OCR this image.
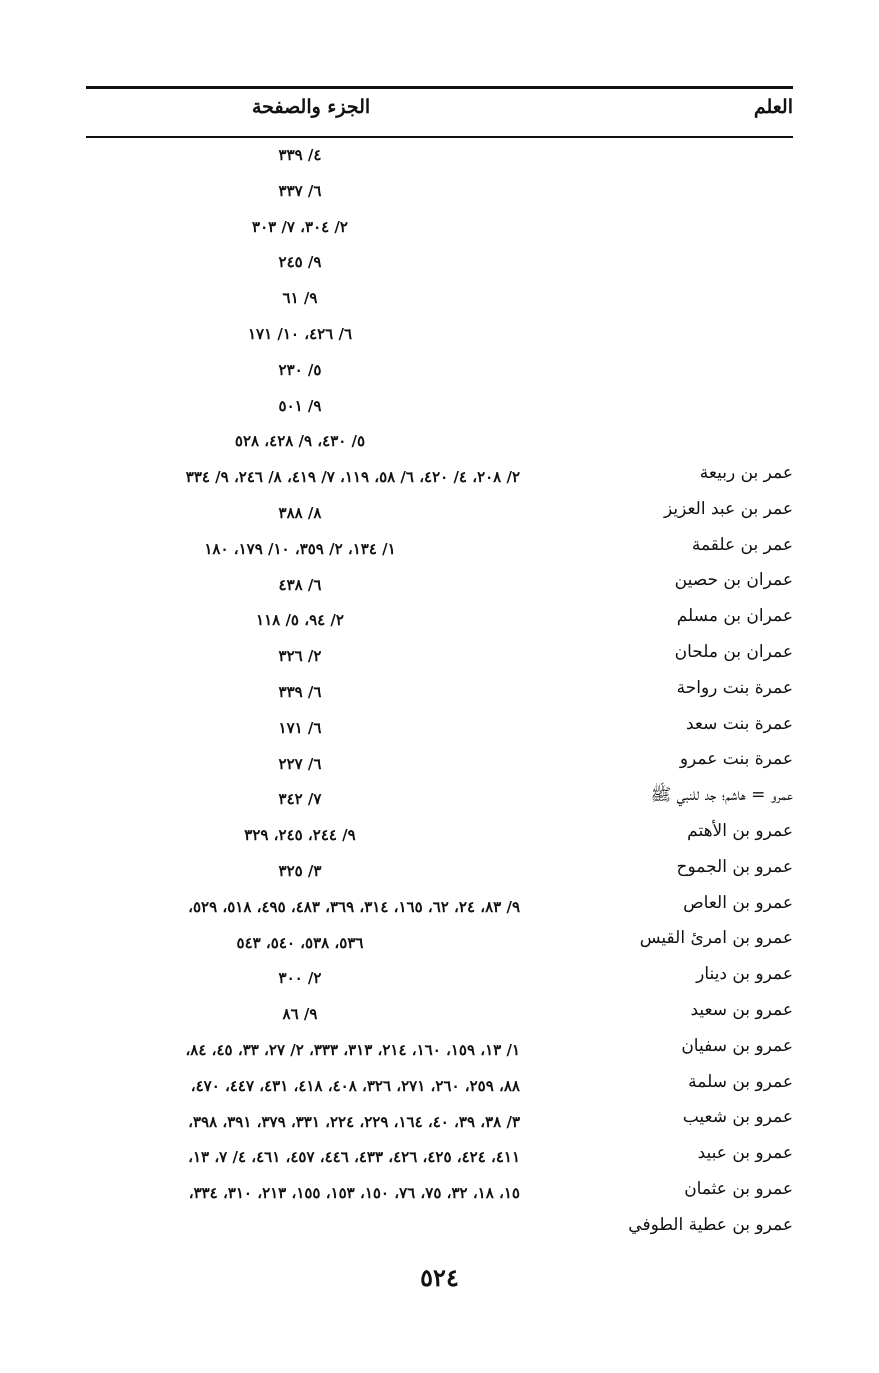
العلم
الجزء والصفحة
٤/ ٣٣٩
٦/ ٣٣٧
٢/ ٣٠٤، ٧/ ٣٠٣
٩/ ٢٤٥
٩/ ٦١
٦/ ٤٢٦، ١٠/ ١٧١
٥/ ٢٣٠
٩/ ٥٠١
٥/ ٤٣٠، ٩/ ٤٢٨، ٥٢٨
٢/ ٢٠٨، ٤/ ٤٢٠، ٦/ ٥٨، ١١٩، ٧/ ٤١٩، ٨/ ٢٤٦، ٩/ ٣٣٤
٨/ ٣٨٨
١/ ١٣٤، ٢/ ٣٥٩، ١٠/ ١٧٩، ١٨٠
٦/ ٤٣٨
٢/ ٩٤، ٥/ ١١٨
٢/ ٣٢٦
٦/ ٣٣٩
٦/ ١٧١
٦/ ٢٢٧
٧/ ٣٤٢
٩/ ٢٤٤، ٢٤٥، ٣٢٩
٣/ ٣٢٥
٩/ ٨٣، ٢٤، ٦٢، ١٦٥، ٣١٤، ٣٦٩، ٤٨٣، ٤٩٥، ٥١٨، ٥٢٩،
٥٣٦، ٥٣٨، ٥٤٠، ٥٤٣
٢/ ٣٠٠
٩/ ٨٦
١/ ١٣، ١٥٩، ١٦٠، ٢١٤، ٣١٣، ٣٣٣، ٢/ ٢٧، ٣٣، ٤٥، ٨٤،
٨٨، ٢٥٩، ٢٦٠، ٢٧١، ٣٢٦، ٤٠٨، ٤١٨، ٤٣١، ٤٤٧، ٤٧٠،
٣/ ٣٨، ٣٩، ٤٠، ١٦٤، ٢٢٩، ٢٢٤، ٣٣١، ٣٧٩، ٣٩١، ٣٩٨،
٤١١، ٤٢٤، ٤٢٥، ٤٢٦، ٤٣٣، ٤٤٦، ٤٥٧، ٤٦١، ٤/ ٧، ١٣،
١٥، ١٨، ٣٢، ٧٥، ٧٦، ١٥٠، ١٥٣، ١٥٥، ٢١٣، ٣١٠، ٣٣٤،
عمر بن ربيعة
عمر بن عبد العزيز
عمر بن علقمة
عمران بن حصين
عمران بن مسلم
عمران بن ملحان
عمرة بنت رواحة
عمرة بنت سعد
عمرة بنت عمرو
عمرو = هاشم؛ جد للنبي ﷺ
عمرو بن الأهتم
عمرو بن الجموح
عمرو بن العاص
عمرو بن امرئ القيس
عمرو بن دينار
عمرو بن سعيد
عمرو بن سفيان
عمرو بن سلمة
عمرو بن شعيب
عمرو بن عبيد
عمرو بن عثمان
عمرو بن عطية الطوفي
٥٢٤
